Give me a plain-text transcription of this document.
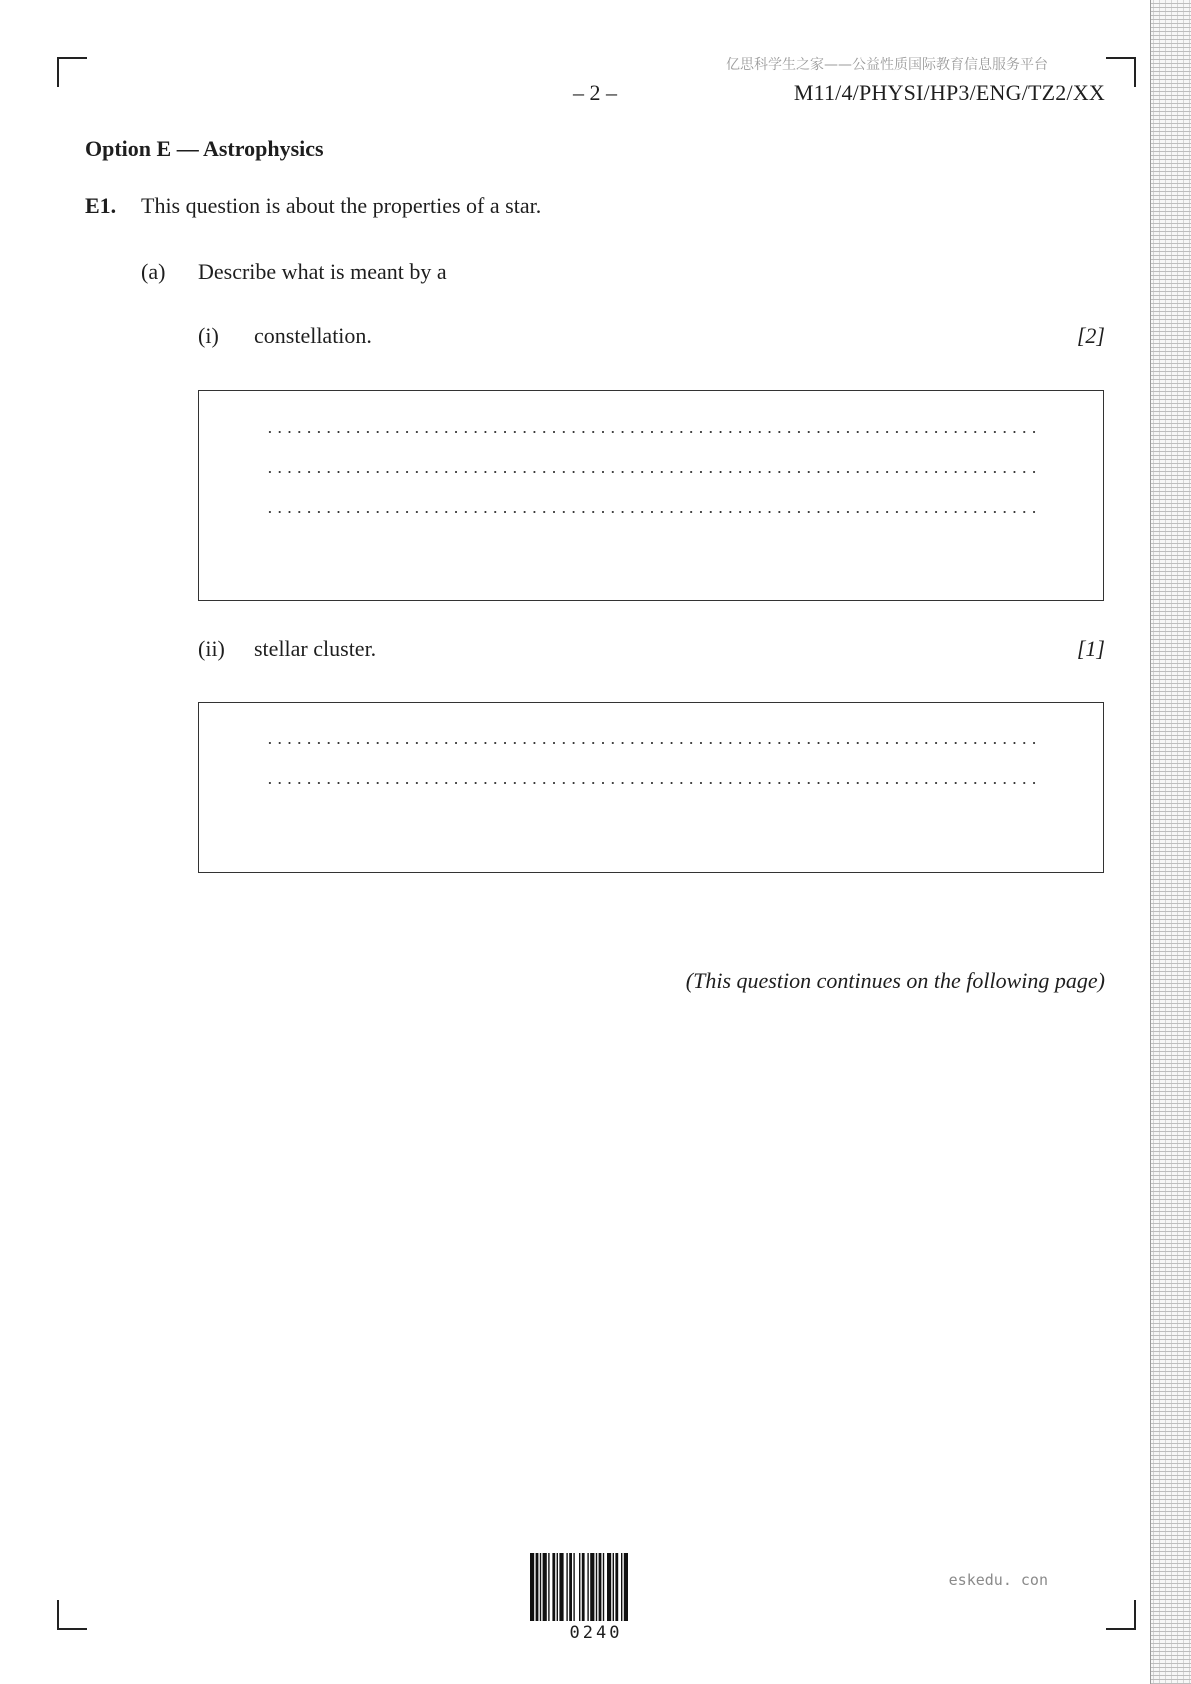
亿思科学生之家——公益性质国际教育信息服务平台
– 2 –	M11/4/PHYSI/HP3/ENG/TZ2/XX
Option E — Astrophysics
E1. This question is about the properties of a star.
(a) Describe what is meant by a
(i) constellation.	[2]
(ii) stellar cluster.	[1]
(This question continues on the following page)
0240
eskedu. con
